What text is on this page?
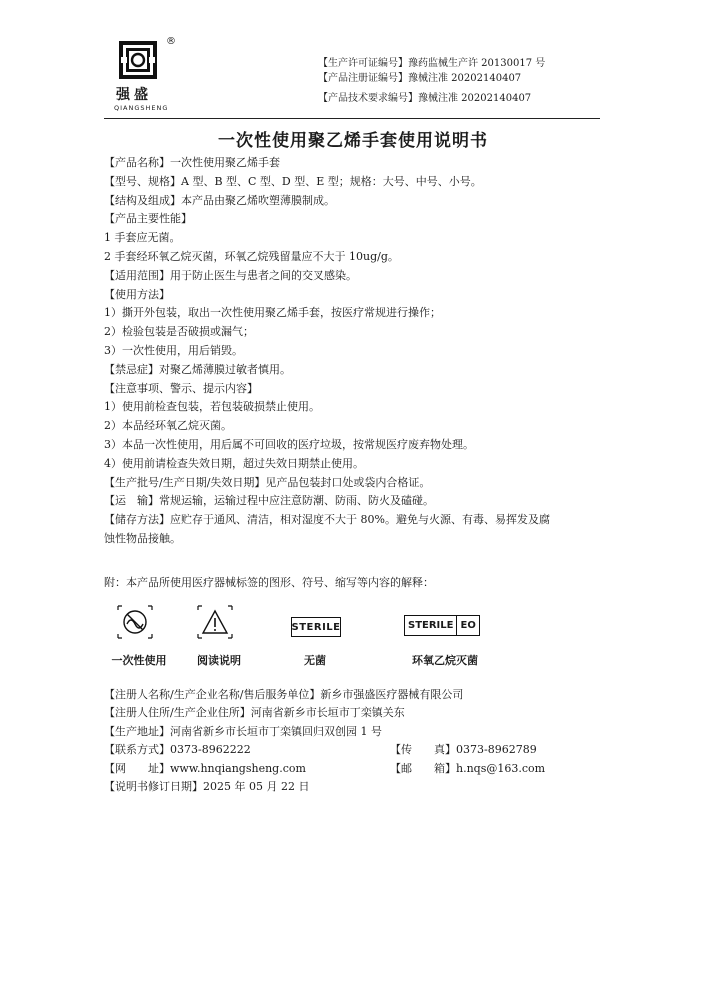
®
强盛
QIANGSHENG
【生产许可证编号】豫药监械生产许 20130017 号
【产品注册证编号】豫械注准 20202140407
【产品技术要求编号】豫械注准 20202140407
一次性使用聚乙烯手套使用说明书
【产品名称】一次性使用聚乙烯手套
【型号、规格】A 型、B 型、C 型、D 型、E 型；规格：大号、中号、小号。
【结构及组成】本产品由聚乙烯吹塑薄膜制成。
【产品主要性能】
1 手套应无菌。
2 手套经环氧乙烷灭菌，环氧乙烷残留量应不大于 10ug/g。
【适用范围】用于防止医生与患者之间的交叉感染。
【使用方法】
1）撕开外包装，取出一次性使用聚乙烯手套，按医疗常规进行操作；
2）检验包装是否破损或漏气；
3）一次性使用，用后销毁。
【禁忌症】对聚乙烯薄膜过敏者慎用。
【注意事项、警示、提示内容】
1）使用前检查包装，若包装破损禁止使用。
2）本品经环氧乙烷灭菌。
3）本品一次性使用，用后属不可回收的医疗垃圾，按常规医疗废弃物处理。
4）使用前请检查失效日期，超过失效日期禁止使用。
【生产批号/生产日期/失效日期】见产品包装封口处或袋内合格证。
【运　输】常规运输，运输过程中应注意防潮、防雨、防火及磕碰。
【储存方法】应贮存于通风、清洁，相对湿度不大于 80%。避免与火源、有毒、易挥发及腐
蚀性物品接触。
附：本产品所使用医疗器械标签的图形、符号、缩写等内容的解释：
一次性使用	阅读说明
STERILE
无菌
STERILE EO
环氧乙烷灭菌
【注册人名称/生产企业名称/售后服务单位】新乡市强盛医疗器械有限公司
【注册人住所/生产企业住所】河南省新乡市长垣市丁栾镇关东
【生产地址】河南省新乡市长垣市丁栾镇回归双创园 1 号
【联系方式】0373-8962222	【传　　真】0373-8962789
【网　　址】www.hnqiangsheng.com	【邮　　箱】h.nqs@163.com
【说明书修订日期】2025 年 05 月 22 日
